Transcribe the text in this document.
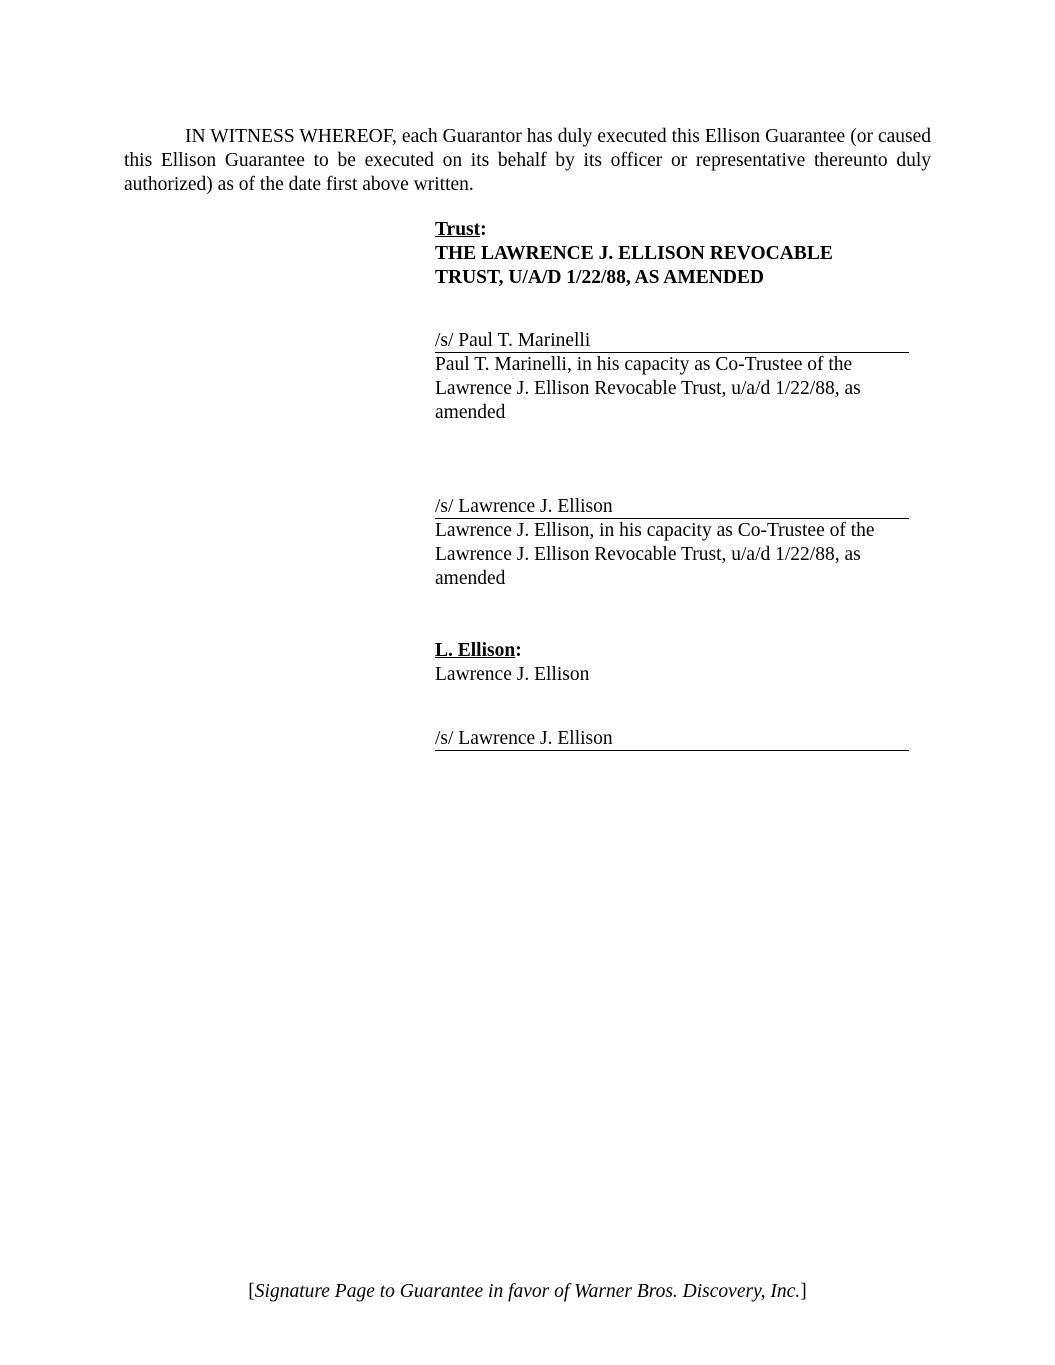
IN WITNESS WHEREOF, each Guarantor has duly executed this Ellison Guarantee (or caused this Ellison Guarantee to be executed on its behalf by its officer or representative thereunto duly authorized) as of the date first above written.

Trust:
THE LAWRENCE J. ELLISON REVOCABLE TRUST, U/A/D 1/22/88, AS AMENDED
/s/ Paul T. Marinelli
Paul T. Marinelli, in his capacity as Co-Trustee of the Lawrence J. Ellison Revocable Trust, u/a/d 1/22/88, as amended
/s/ Lawrence J. Ellison
Lawrence J. Ellison, in his capacity as Co-Trustee of the Lawrence J. Ellison Revocable Trust, u/a/d 1/22/88, as amended
L. Ellison:
Lawrence J. Ellison
/s/ Lawrence J. Ellison
[Signature Page to Guarantee in favor of Warner Bros. Discovery, Inc.]
